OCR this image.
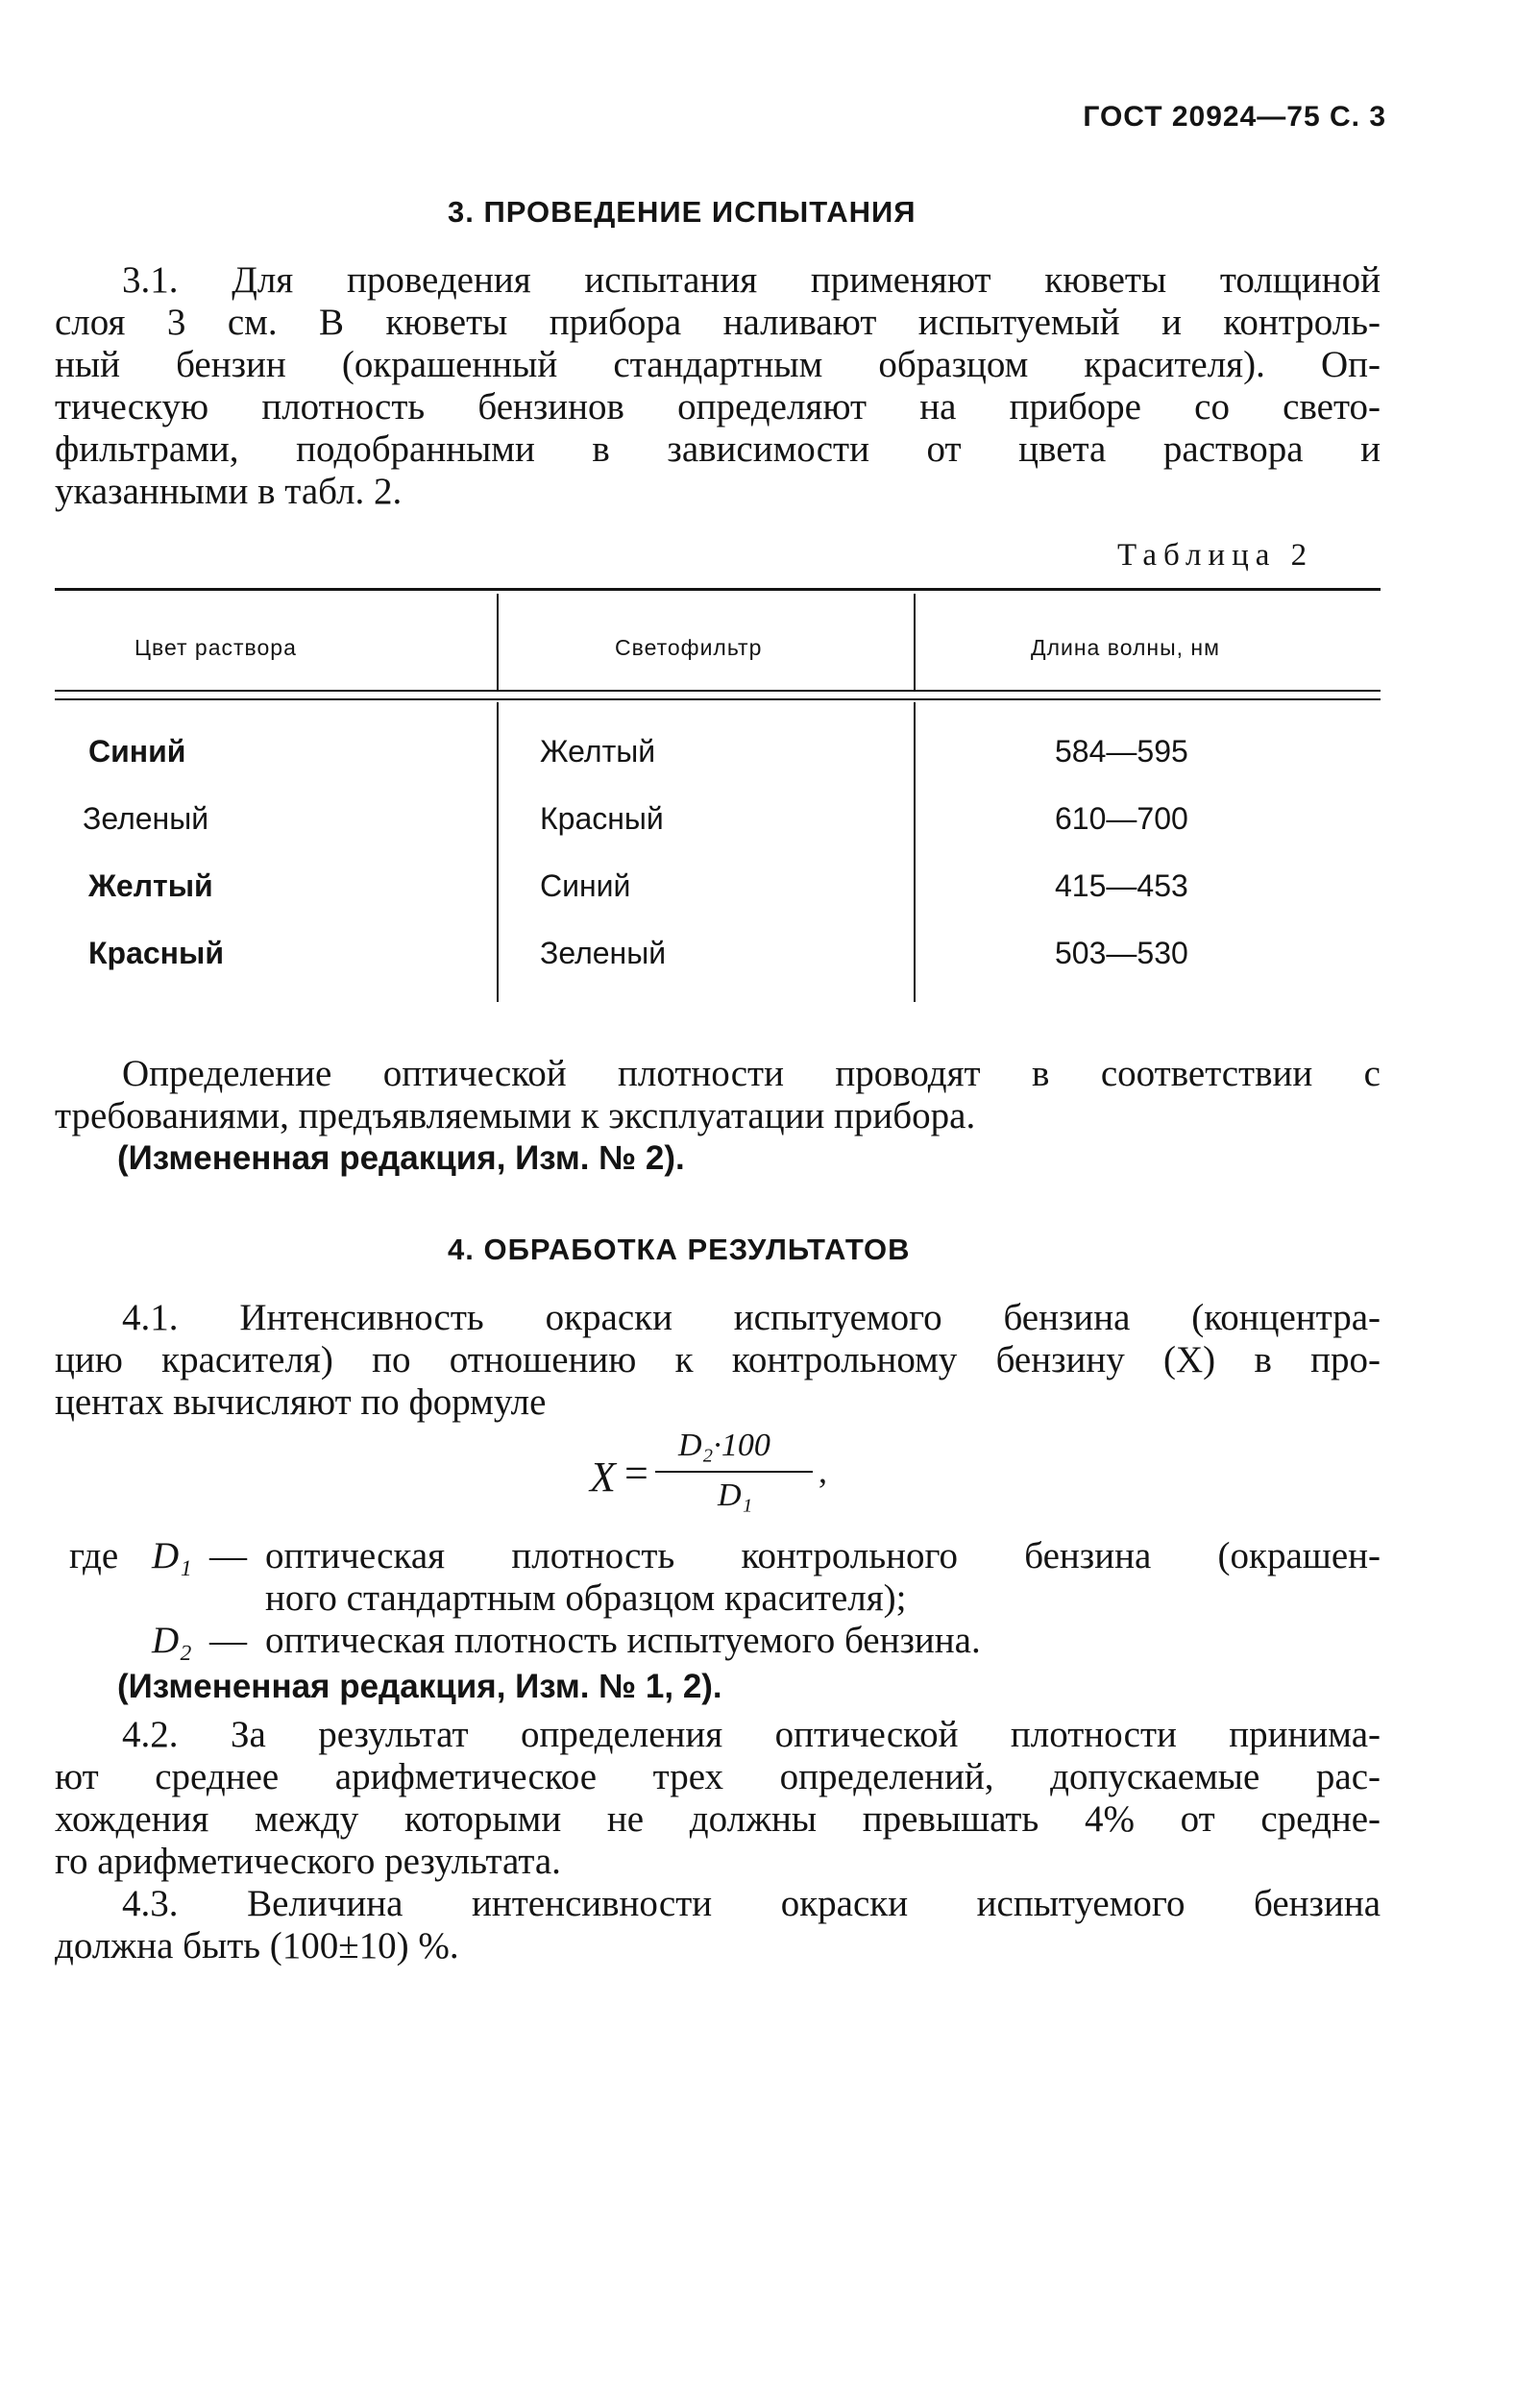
ГОСТ 20924—75 С. 3
3. ПРОВЕДЕНИЕ ИСПЫТАНИЯ
3.1. Для проведения испытания применяют кюветы толщиной
слоя 3 см. В кюветы прибора наливают испытуемый и контроль-
ный бензин (окрашенный стандартным образцом красителя). Оп-
тическую плотность бензинов определяют на приборе со свето-
фильтрами, подобранными в зависимости от цвета раствора и
указанными в табл. 2.
Таблица 2
Цвет раствора	Светофильтр	Длина волны, нм
Синий	Желтый	584—595
Зеленый	Красный	610—700
Желтый	Синий	415—453
Красный	Зеленый	503—530
Определение оптической плотности проводят в соответствии с
требованиями, предъявляемыми к эксплуатации прибора.
(Измененная редакция, Изм. № 2).
4. ОБРАБОТКА РЕЗУЛЬТАТОВ
4.1. Интенсивность окраски испытуемого бензина (концентра-
цию красителя) по отношению к контрольному бензину (X) в про-
центах вычисляют по формуле
X =
D₂·100
D₁
,
где D₁ — оптическая плотность контрольного бензина (окрашен-
ного стандартным образцом красителя);
D₂ — оптическая плотность испытуемого бензина.
(Измененная редакция, Изм. № 1, 2).
4.2. За результат определения оптической плотности принима-
ют среднее арифметическое трех определений, допускаемые рас-
хождения между которыми не должны превышать 4% от средне-
го арифметического результата.
4.3. Величина интенсивности окраски испытуемого бензина
должна быть (100±10) %.
